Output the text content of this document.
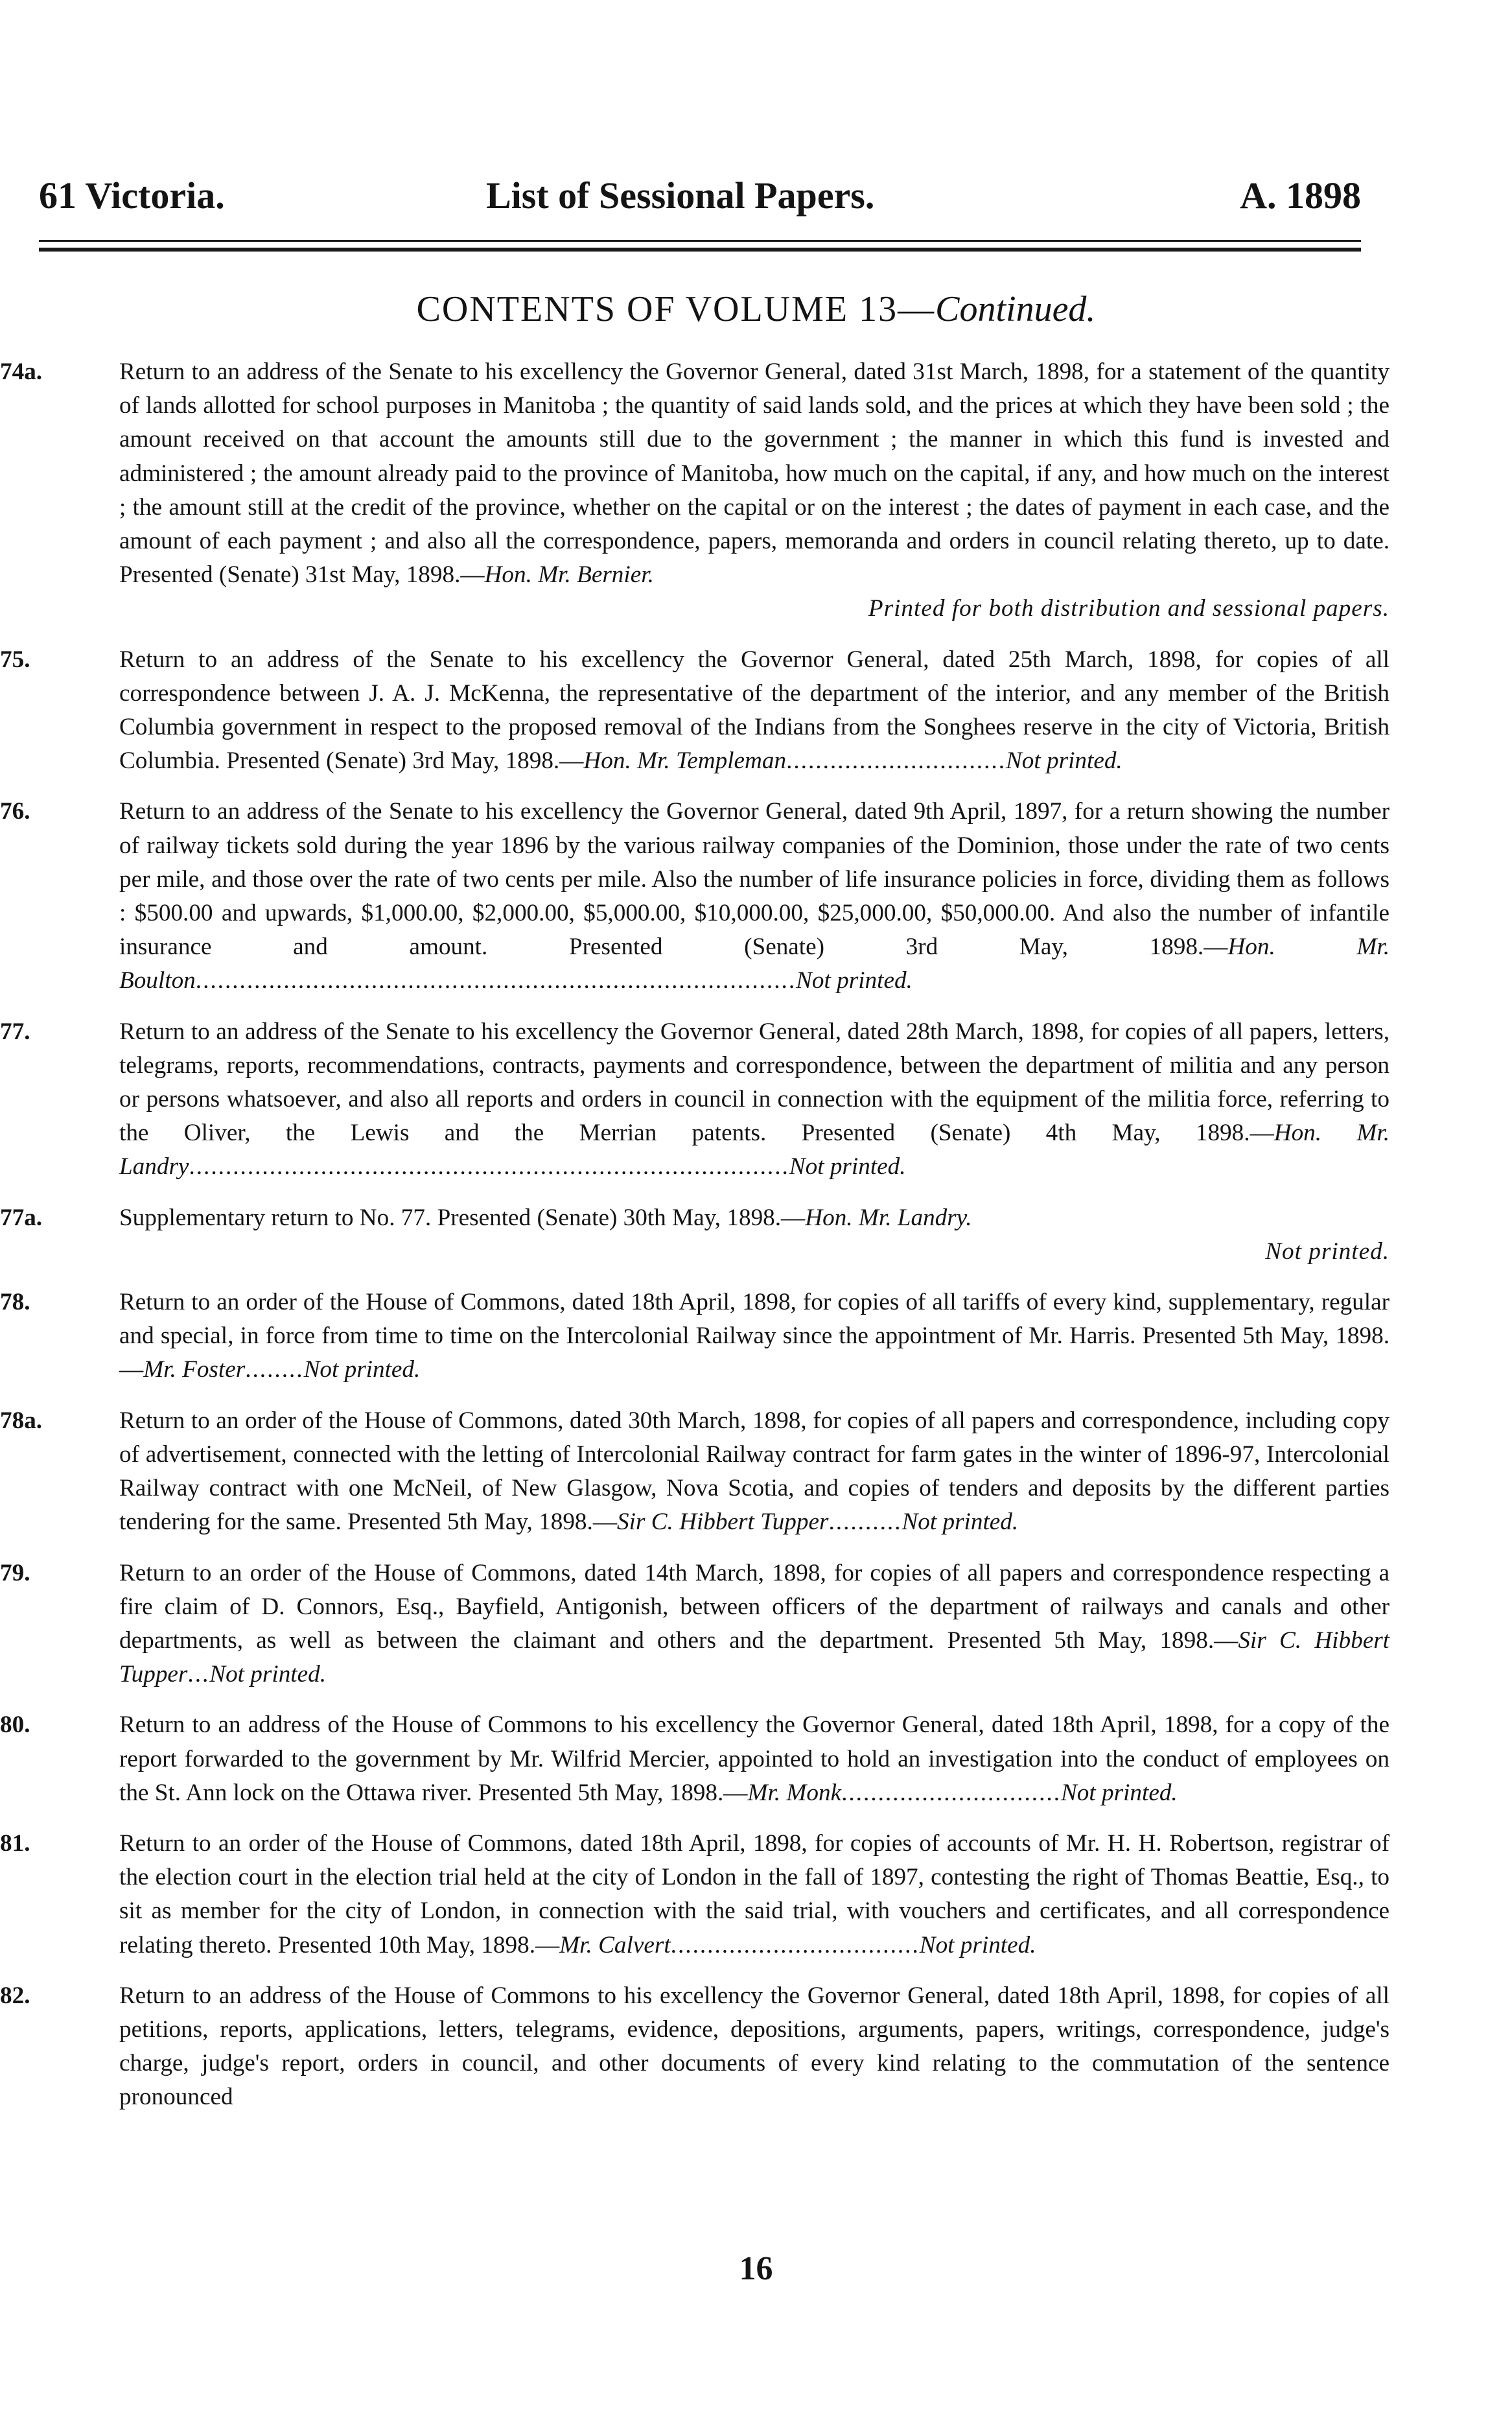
61 Victoria.	List of Sessional Papers.	A. 1898
CONTENTS OF VOLUME 13—Continued.
74a.	Return to an address of the Senate to his excellency the Governor General, dated 31st March, 1898, for a statement of the quantity of lands allotted for school purposes in Manitoba ; the quantity of said lands sold, and the prices at which they have been sold ; the amount received on that account the amounts still due to the government ; the manner in which this fund is invested and administered ; the amount already paid to the province of Manitoba, how much on the capital, if any, and how much on the interest ; the amount still at the credit of the province, whether on the capital or on the interest ; the dates of payment in each case, and the amount of each payment ; and also all the correspondence, papers, memoranda and orders in council relating thereto, up to date. Presented (Senate) 31st May, 1898.—Hon. Mr. Bernier.
Printed for both distribution and sessional papers.
75.	Return to an address of the Senate to his excellency the Governor General, dated 25th March, 1898, for copies of all correspondence between J. A. J. McKenna, the representative of the department of the interior, and any member of the British Columbia government in respect to the proposed removal of the Indians from the Songhees reserve in the city of Victoria, British Columbia. Presented (Senate) 3rd May, 1898.—Hon. Mr. Templeman..............................Not printed.
76.	Return to an address of the Senate to his excellency the Governor General, dated 9th April, 1897, for a return showing the number of railway tickets sold during the year 1896 by the various railway companies of the Dominion, those under the rate of two cents per mile, and those over the rate of two cents per mile. Also the number of life insurance policies in force, dividing them as follows : $500.00 and upwards, $1,000.00, $2,000.00, $5,000.00, $10,000.00, $25,000.00, $50,000.00. And also the number of infantile insurance and amount. Presented (Senate) 3rd May, 1898.—Hon. Mr. Boulton..................................................................................Not printed.
77.	Return to an address of the Senate to his excellency the Governor General, dated 28th March, 1898, for copies of all papers, letters, telegrams, reports, recommendations, contracts, payments and correspondence, between the department of militia and any person or persons whatsoever, and also all reports and orders in council in connection with the equipment of the militia force, referring to the Oliver, the Lewis and the Merrian patents. Presented (Senate) 4th May, 1898.—Hon. Mr. Landry..................................................................................Not printed.
77a.	Supplementary return to No. 77. Presented (Senate) 30th May, 1898.—Hon. Mr. Landry.
Not printed.
78.	Return to an order of the House of Commons, dated 18th April, 1898, for copies of all tariffs of every kind, supplementary, regular and special, in force from time to time on the Intercolonial Railway since the appointment of Mr. Harris. Presented 5th May, 1898.—Mr. Foster........Not printed.
78a.	Return to an order of the House of Commons, dated 30th March, 1898, for copies of all papers and correspondence, including copy of advertisement, connected with the letting of Intercolonial Railway contract for farm gates in the winter of 1896-97, Intercolonial Railway contract with one McNeil, of New Glasgow, Nova Scotia, and copies of tenders and deposits by the different parties tendering for the same. Presented 5th May, 1898.—Sir C. Hibbert Tupper..........Not printed.
79.	Return to an order of the House of Commons, dated 14th March, 1898, for copies of all papers and correspondence respecting a fire claim of D. Connors, Esq., Bayfield, Antigonish, between officers of the department of railways and canals and other departments, as well as between the claimant and others and the department. Presented 5th May, 1898.—Sir C. Hibbert Tupper...Not printed.
80.	Return to an address of the House of Commons to his excellency the Governor General, dated 18th April, 1898, for a copy of the report forwarded to the government by Mr. Wilfrid Mercier, appointed to hold an investigation into the conduct of employees on the St. Ann lock on the Ottawa river. Presented 5th May, 1898.—Mr. Monk..............................Not printed.
81.	Return to an order of the House of Commons, dated 18th April, 1898, for copies of accounts of Mr. H. H. Robertson, registrar of the election court in the election trial held at the city of London in the fall of 1897, contesting the right of Thomas Beattie, Esq., to sit as member for the city of London, in connection with the said trial, with vouchers and certificates, and all correspondence relating thereto. Presented 10th May, 1898.—Mr. Calvert..................................Not printed.
82.	Return to an address of the House of Commons to his excellency the Governor General, dated 18th April, 1898, for copies of all petitions, reports, applications, letters, telegrams, evidence, depositions, arguments, papers, writings, correspondence, judge's charge, judge's report, orders in council, and other documents of every kind relating to the commutation of the sentence pronounced
16
